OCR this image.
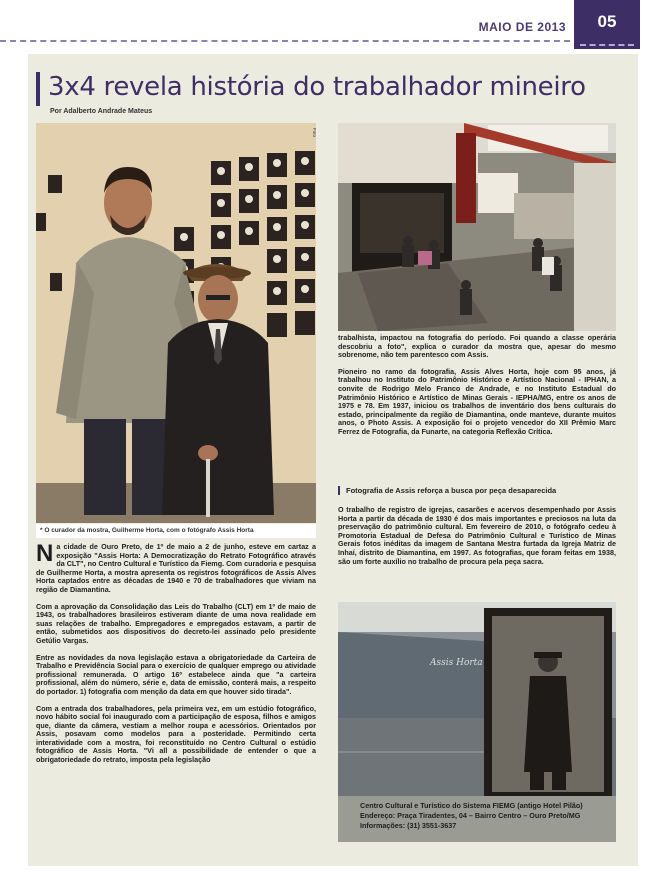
MAIO DE 2013	05
3x4 revela história do trabalhador mineiro
Por Adalberto Andrade Mateus
Foto
* O curador da mostra, Guilherme Horta, com o fotógrafo Assis Horta

Na cidade de Ouro Preto, de 1º de maio a 2 de junho, esteve em cartaz a exposição "Assis Horta: A Democratização do Retrato Fotográfico através da CLT", no Centro Cultural e Turístico da Fiemg. Com curadoria e pesquisa de Guilherme Horta, a mostra apresenta os registros fotográficos de Assis Alves Horta captados entre as décadas de 1940 e 70 de trabalhadores que viviam na região de Diamantina.

Com a aprovação da Consolidação das Leis do Trabalho (CLT) em 1º de maio de 1943, os trabalhadores brasileiros estiveram diante de uma nova realidade em suas relações de trabalho. Empregadores e empregados estavam, a partir de então, submetidos aos dispositivos do decreto-lei assinado pelo presidente Getúlio Vargas.

Entre as novidades da nova legislação estava a obrigatoriedade da Carteira de Trabalho e Previdência Social para o exercício de qualquer emprego ou atividade profissional remunerada. O artigo 16º estabelece ainda que "a carteira profissional, além do número, série e, data de emissão, conterá mais, a respeito do portador. 1) fotografia com menção da data em que houver sido tirada".

Com a entrada dos trabalhadores, pela primeira vez, em um estúdio fotográfico, novo hábito social foi inaugurado com a participação de esposa, filhos e amigos que, diante da câmera, vestiam a melhor roupa e acessórios. Orientados por Assis, posavam como modelos para a posteridade. Permitindo certa interatividade com a mostra, foi reconstituído no Centro Cultural o estúdio fotográfico de Assis Horta. "Vi all a possibilidade de entender o que a obrigatoriedade do retrato, imposta pela legislação

trabalhista, impactou na fotografia do período. Foi quando a classe operária descobriu a foto", explica o curador da mostra que, apesar do mesmo sobrenome, não tem parentesco com Assis.

Pioneiro no ramo da fotografia, Assis Alves Horta, hoje com 95 anos, já trabalhou no Instituto do Patrimônio Histórico e Artístico Nacional - IPHAN, a convite de Rodrigo Melo Franco de Andrade, e no Instituto Estadual do Patrimônio Histórico e Artístico de Minas Gerais - IEPHA/MG, entre os anos de 1975 e 78. Em 1937, iniciou os trabalhos de inventário dos bens culturais do estado, principalmente da região de Diamantina, onde manteve, durante muitos anos, o Photo Assis. A exposição foi o projeto vencedor do XII Prêmio Marc Ferrez de Fotografia, da Funarte, na categoria Reflexão Crítica.

Fotografia de Assis reforça a busca por peça desaparecida

O trabalho de registro de igrejas, casarões e acervos desempenhado por Assis Horta a partir da década de 1930 é dos mais importantes e preciosos na luta da preservação do patrimônio cultural. Em fevereiro de 2010, o fotógrafo cedeu à Promotoria Estadual de Defesa do Patrimônio Cultural e Turístico de Minas Gerais fotos inéditas da imagem de Santana Mestra furtada da Igreja Matriz de Inhaí, distrito de Diamantina, em 1997. As fotografias, que foram feitas em 1938, são um forte auxílio no trabalho de procura pela peça sacra.

Assis Horta
Centro Cultural e Turístico do Sistema FIEMG (antigo Hotel Pilão)
Endereço: Praça Tiradentes, 04 – Bairro Centro – Ouro Preto/MG
Informações: (31) 3551-3637
